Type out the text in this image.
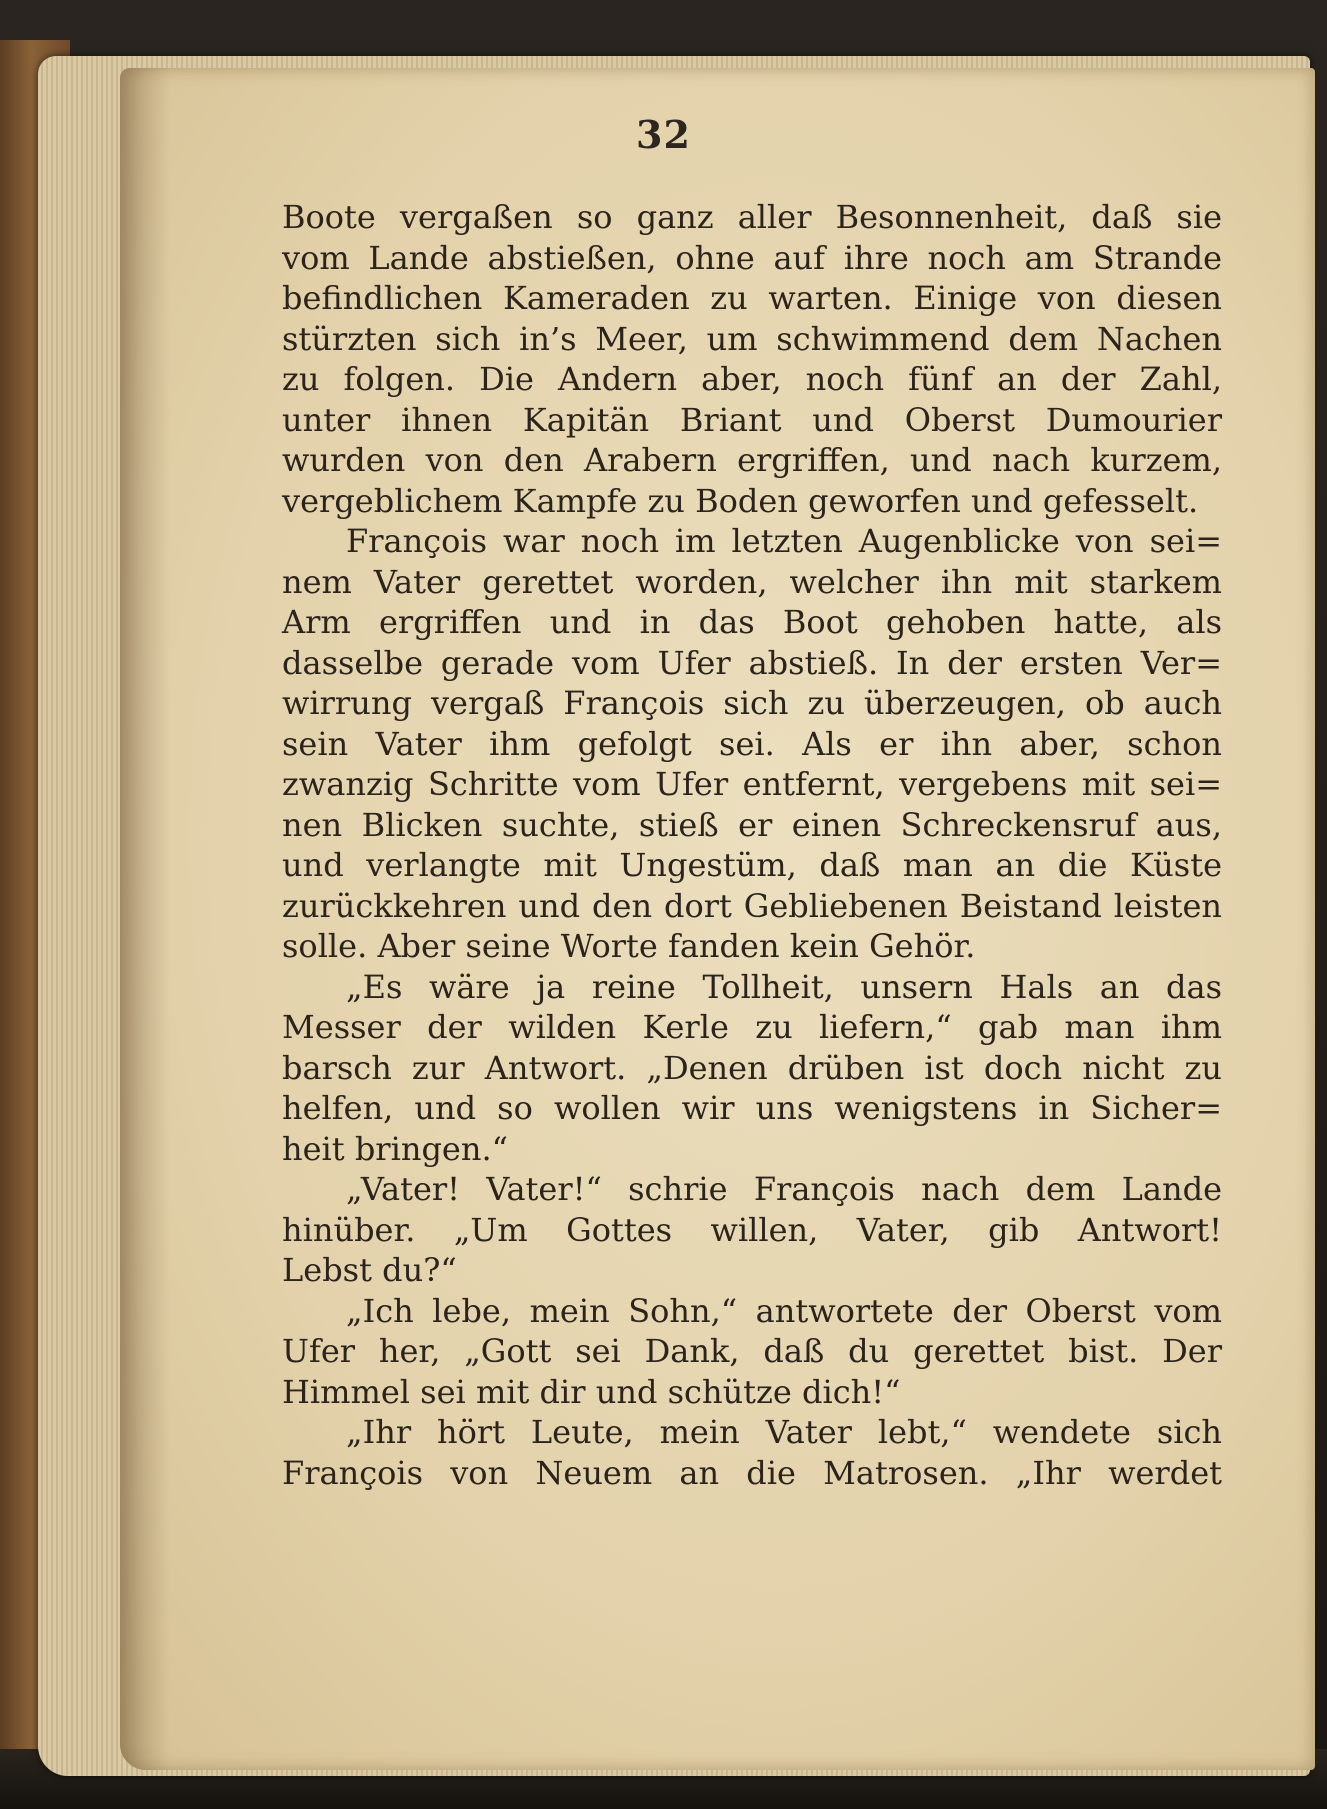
32
Boote vergaßen so ganz aller Besonnenheit, daß sie
vom Lande abstießen, ohne auf ihre noch am Strande
befindlichen Kameraden zu warten. Einige von diesen
stürzten sich in’s Meer, um schwimmend dem Nachen
zu folgen. Die Andern aber, noch fünf an der Zahl,
unter ihnen Kapitän Briant und Oberst Dumourier
wurden von den Arabern ergriffen, und nach kurzem,
vergeblichem Kampfe zu Boden geworfen und gefesselt.
François war noch im letzten Augenblicke von sei=
nem Vater gerettet worden, welcher ihn mit starkem
Arm ergriffen und in das Boot gehoben hatte, als
dasselbe gerade vom Ufer abstieß. In der ersten Ver=
wirrung vergaß François sich zu überzeugen, ob auch
sein Vater ihm gefolgt sei. Als er ihn aber, schon
zwanzig Schritte vom Ufer entfernt, vergebens mit sei=
nen Blicken suchte, stieß er einen Schreckensruf aus,
und verlangte mit Ungestüm, daß man an die Küste
zurückkehren und den dort Gebliebenen Beistand leisten
solle. Aber seine Worte fanden kein Gehör.
„Es wäre ja reine Tollheit, unsern Hals an das
Messer der wilden Kerle zu liefern,“ gab man ihm
barsch zur Antwort. „Denen drüben ist doch nicht zu
helfen, und so wollen wir uns wenigstens in Sicher=
heit bringen.“
„Vater! Vater!“ schrie François nach dem Lande
hinüber. „Um Gottes willen, Vater, gib Antwort!
Lebst du?“
„Ich lebe, mein Sohn,“ antwortete der Oberst vom
Ufer her, „Gott sei Dank, daß du gerettet bist. Der
Himmel sei mit dir und schütze dich!“
„Ihr hört Leute, mein Vater lebt,“ wendete sich
François von Neuem an die Matrosen. „Ihr werdet
